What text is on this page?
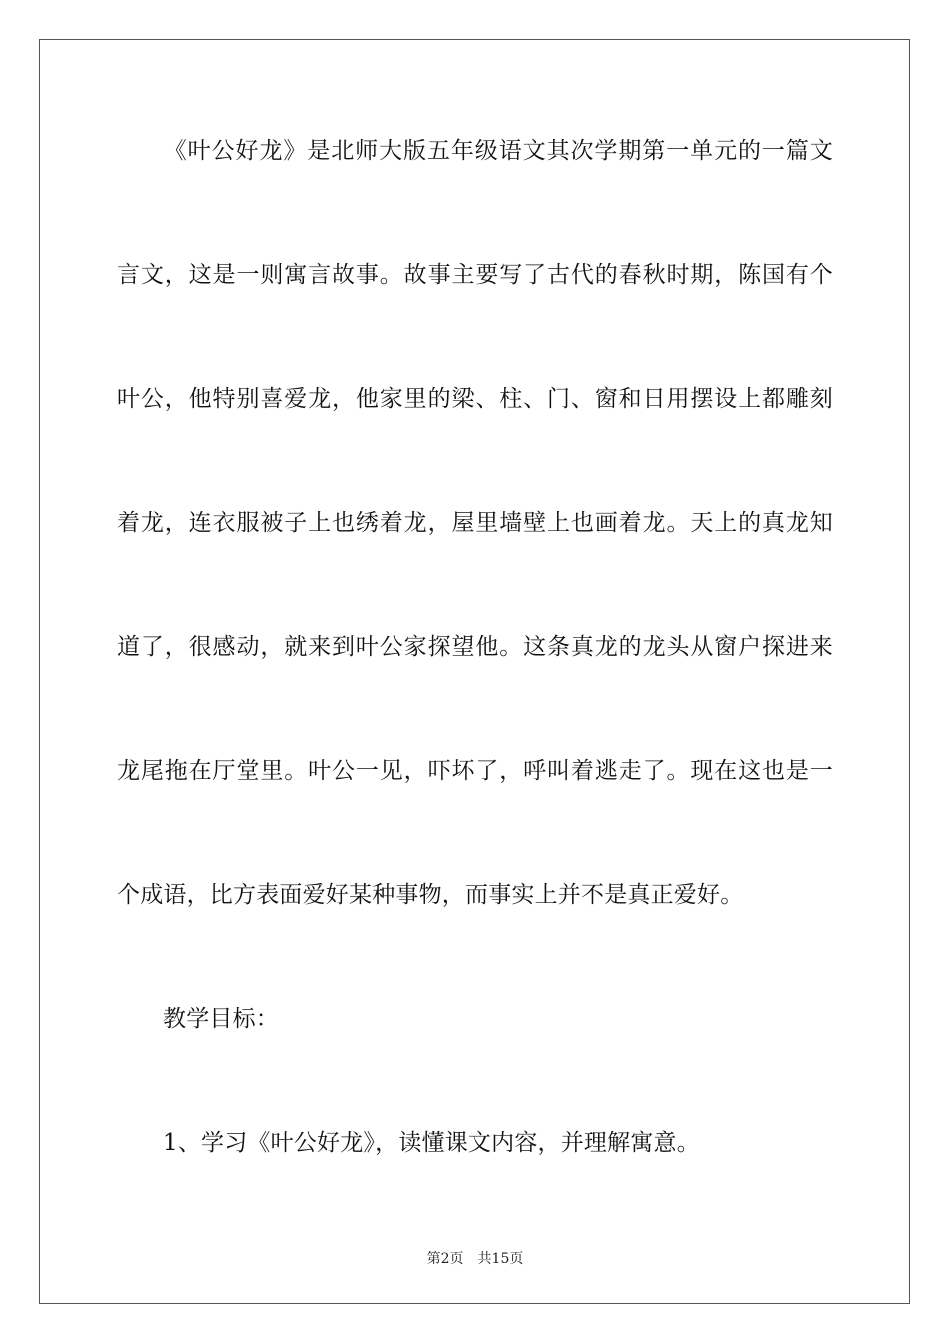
《叶公好龙》是北师大版五年级语文其次学期第一单元的一篇文
言文，这是一则寓言故事。故事主要写了古代的春秋时期，陈国有个
叶公，他特别喜爱龙，他家里的梁、柱、门、窗和日用摆设上都雕刻
着龙，连衣服被子上也绣着龙，屋里墙壁上也画着龙。天上的真龙知
道了，很感动，就来到叶公家探望他。这条真龙的龙头从窗户探进来
龙尾拖在厅堂里。叶公一见，吓坏了，呼叫着逃走了。现在这也是一
个成语，比方表面爱好某种事物，而事实上并不是真正爱好。
教学目标：
1、学习《叶公好龙》，读懂课文内容，并理解寓意。
第2页 共15页
